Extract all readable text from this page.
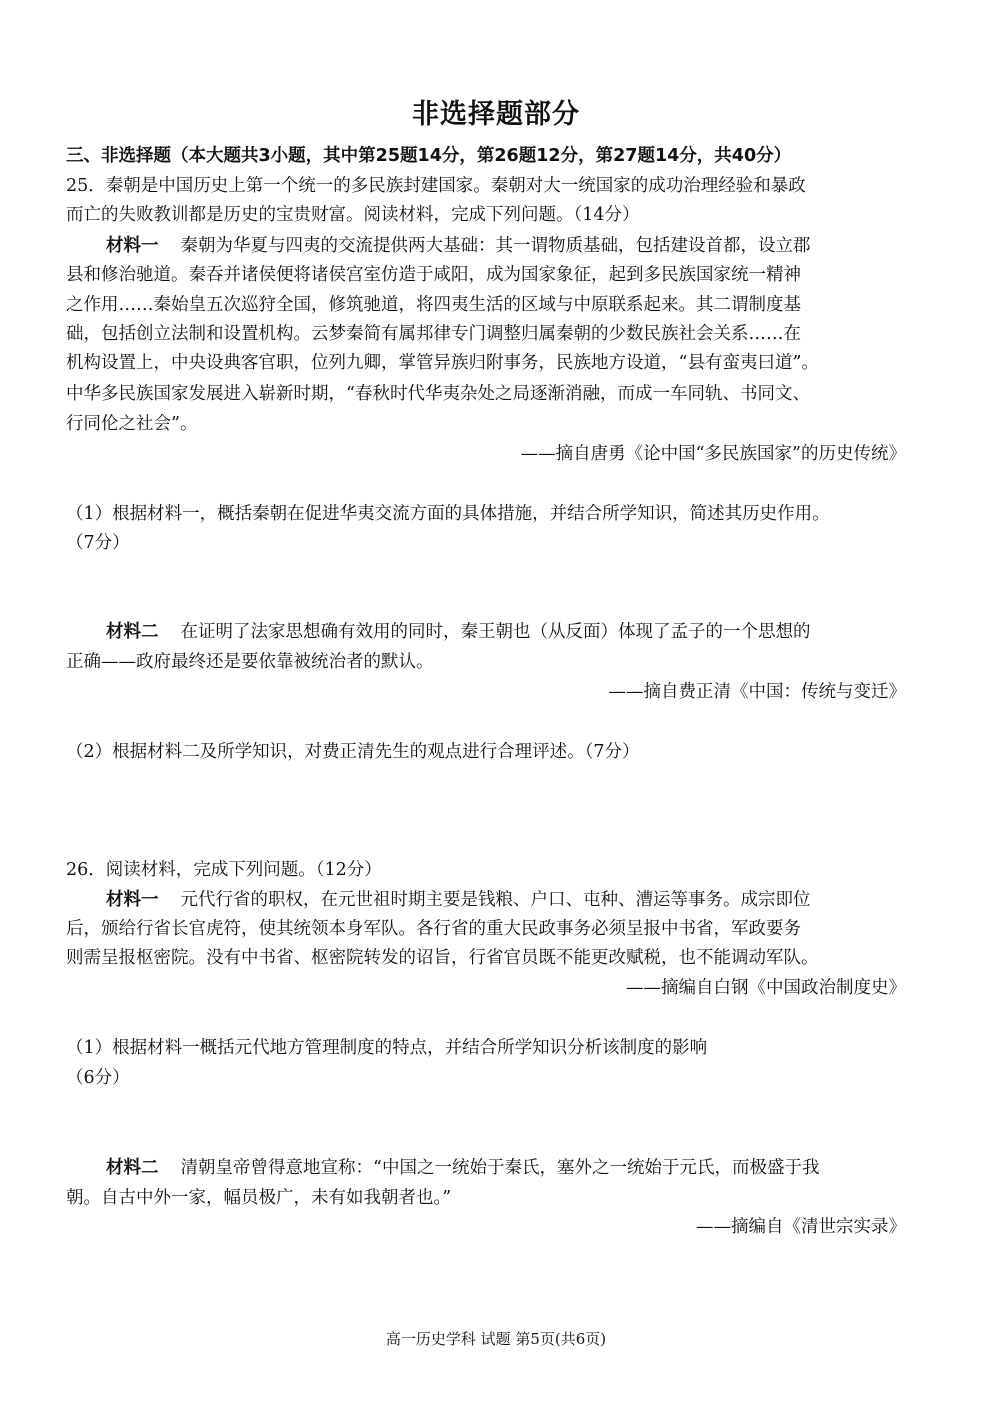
非选择题部分
三、非选择题（本大题共3小题，其中第25题14分，第26题12分，第27题14分，共40分）
25．秦朝是中国历史上第一个统一的多民族封建国家。秦朝对大一统国家的成功治理经验和暴政
而亡的失败教训都是历史的宝贵财富。阅读材料，完成下列问题。（14分）
材料一 秦朝为华夏与四夷的交流提供两大基础：其一谓物质基础，包括建设首都，设立郡
县和修治驰道。秦吞并诸侯便将诸侯宫室仿造于咸阳，成为国家象征，起到多民族国家统一精神
之作用……秦始皇五次巡狩全国，修筑驰道，将四夷生活的区域与中原联系起来。其二谓制度基
础，包括创立法制和设置机构。云梦秦简有属邦律专门调整归属秦朝的少数民族社会关系……在
机构设置上，中央设典客官职，位列九卿，掌管异族归附事务，民族地方设道，“县有蛮夷曰道”。
中华多民族国家发展进入崭新时期，“春秋时代华夷杂处之局逐渐消融，而成一车同轨、书同文、
行同伦之社会”。
——摘自唐勇《论中国“多民族国家”的历史传统》
（1）根据材料一，概括秦朝在促进华夷交流方面的具体措施，并结合所学知识，简述其历史作用。
（7分）
材料二 在证明了法家思想确有效用的同时，秦王朝也（从反面）体现了孟子的一个思想的
正确——政府最终还是要依靠被统治者的默认。
——摘自费正清《中国：传统与变迁》
（2）根据材料二及所学知识，对费正清先生的观点进行合理评述。（7分）
26．阅读材料，完成下列问题。（12分）
材料一 元代行省的职权，在元世祖时期主要是钱粮、户口、屯种、漕运等事务。成宗即位
后，颁给行省长官虎符，使其统领本身军队。各行省的重大民政事务必须呈报中书省，军政要务
则需呈报枢密院。没有中书省、枢密院转发的诏旨，行省官员既不能更改赋税，也不能调动军队。
——摘编自白钢《中国政治制度史》
（1）根据材料一概括元代地方管理制度的特点，并结合所学知识分析该制度的影响
（6分）
材料二 清朝皇帝曾得意地宣称：“中国之一统始于秦氏，塞外之一统始于元氏，而极盛于我
朝。自古中外一家，幅员极广，未有如我朝者也。”
——摘编自《清世宗实录》
高一历史学科 试题 第5页(共6页)
